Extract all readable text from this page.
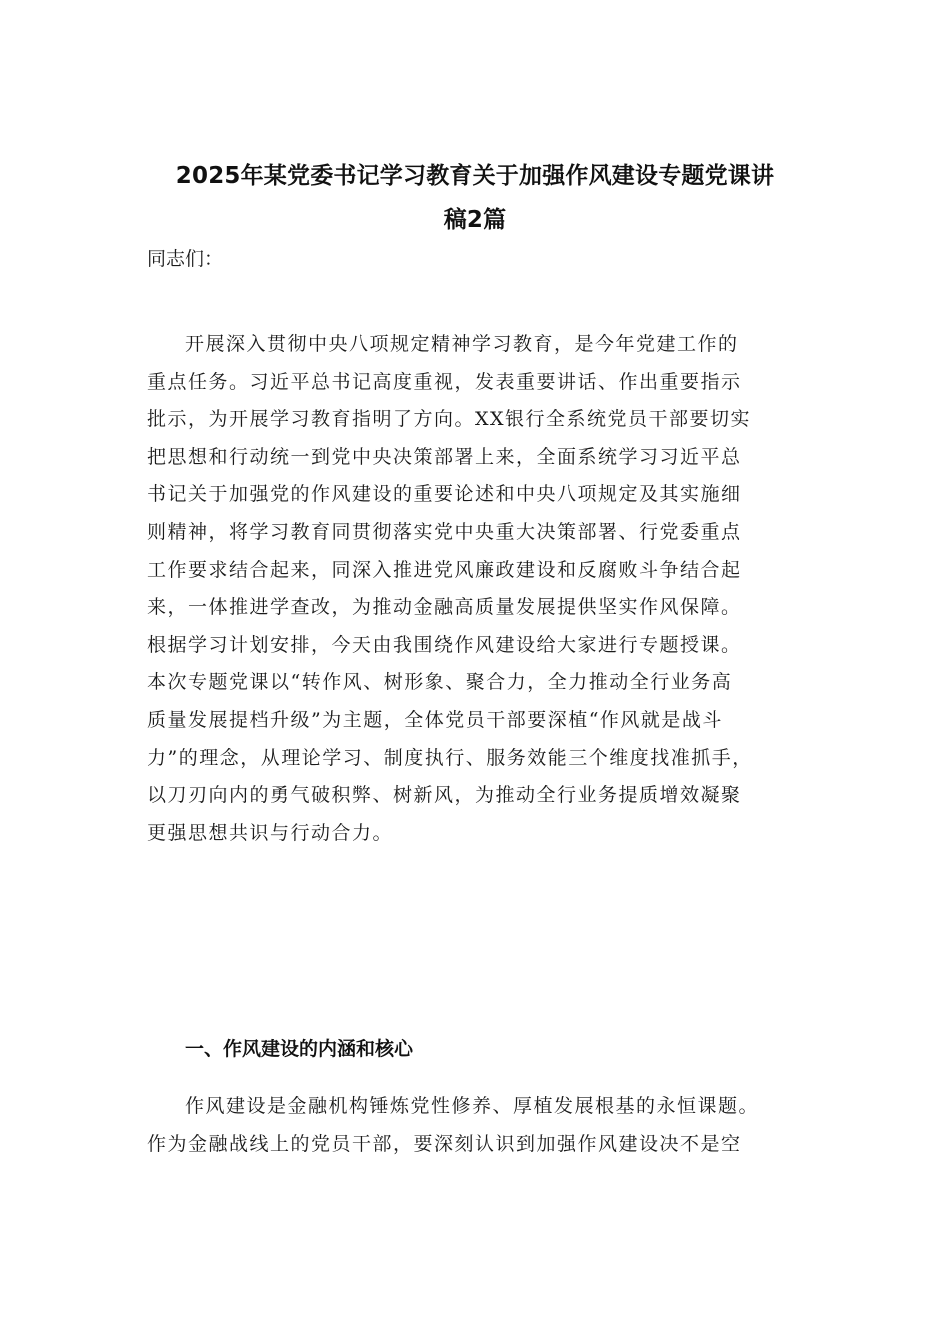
2025年某党委书记学习教育关于加强作风建设专题党课讲
稿2篇

同志们：

开展深入贯彻中央八项规定精神学习教育，是今年党建工作的
重点任务。习近平总书记高度重视，发表重要讲话、作出重要指示
批示，为开展学习教育指明了方向。XX银行全系统党员干部要切实
把思想和行动统一到党中央决策部署上来，全面系统学习习近平总
书记关于加强党的作风建设的重要论述和中央八项规定及其实施细
则精神，将学习教育同贯彻落实党中央重大决策部署、行党委重点
工作要求结合起来，同深入推进党风廉政建设和反腐败斗争结合起
来，一体推进学查改，为推动金融高质量发展提供坚实作风保障。
根据学习计划安排，今天由我围绕作风建设给大家进行专题授课。
本次专题党课以“转作风、树形象、聚合力，全力推动全行业务高
质量发展提档升级”为主题，全体党员干部要深植“作风就是战斗
力”的理念，从理论学习、制度执行、服务效能三个维度找准抓手，
以刀刃向内的勇气破积弊、树新风，为推动全行业务提质增效凝聚
更强思想共识与行动合力。
一、作风建设的内涵和核心
作风建设是金融机构锤炼党性修养、厚植发展根基的永恒课题。
作为金融战线上的党员干部，要深刻认识到加强作风建设决不是空
